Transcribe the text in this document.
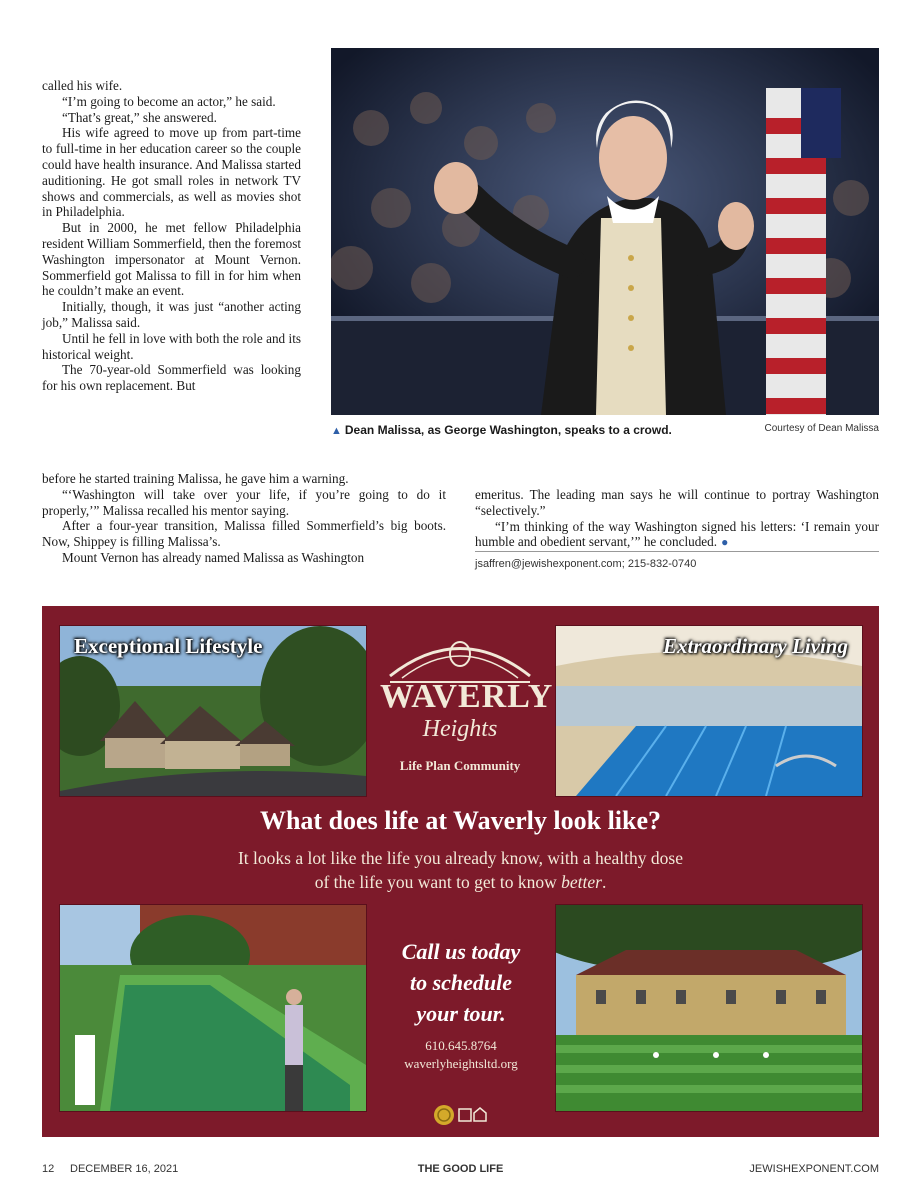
called his wife.

“I’m going to become an actor,” he said.

“That’s great,” she answered.

His wife agreed to move up from part-time to full-time in her education career so the couple could have health insurance. And Malissa started auditioning. He got small roles in network TV shows and commercials, as well as movies shot in Philadelphia.

But in 2000, he met fellow Philadelphia resident William Sommerfield, then the foremost Washington impersonator at Mount Vernon. Sommerfield got Malissa to fill in for him when he couldn’t make an event.

Initially, though, it was just “another acting job,” Malissa said.

Until he fell in love with both the role and its historical weight.

The 70-year-old Sommerfield was looking for his own replacement. But

before he started training Malissa, he gave him a warning.

“‘Washington will take over your life, if you’re going to do it properly,’” Malissa recalled his mentor saying.

After a four-year transition, Malissa filled Sommerfield’s big boots. Now, Shippey is filling Malissa’s.

Mount Vernon has already named Malissa as Washington

emeritus. The leading man says he will continue to portray Washington “selectively.”

“I’m thinking of the way Washington signed his letters: ‘I remain your humble and obedient servant,’” he concluded. ●

jsaffren@jewishexponent.com; 215-832-0740
▲ Dean Malissa, as George Washington, speaks to a crowd.	Courtesy of Dean Malissa
Exceptional Lifestyle
WAVERLY
Heights
Life Plan Community
Extraordinary Living
What does life at Waverly look like?
It looks a lot like the life you already know, with a healthy dose
of the life you want to get to know better.
Call us today
to schedule
your tour.
610.645.8764
waverlyheightsltd.org
12 DECEMBER 16, 2021	THE GOOD LIFE	JEWISHEXPONENT.COM
